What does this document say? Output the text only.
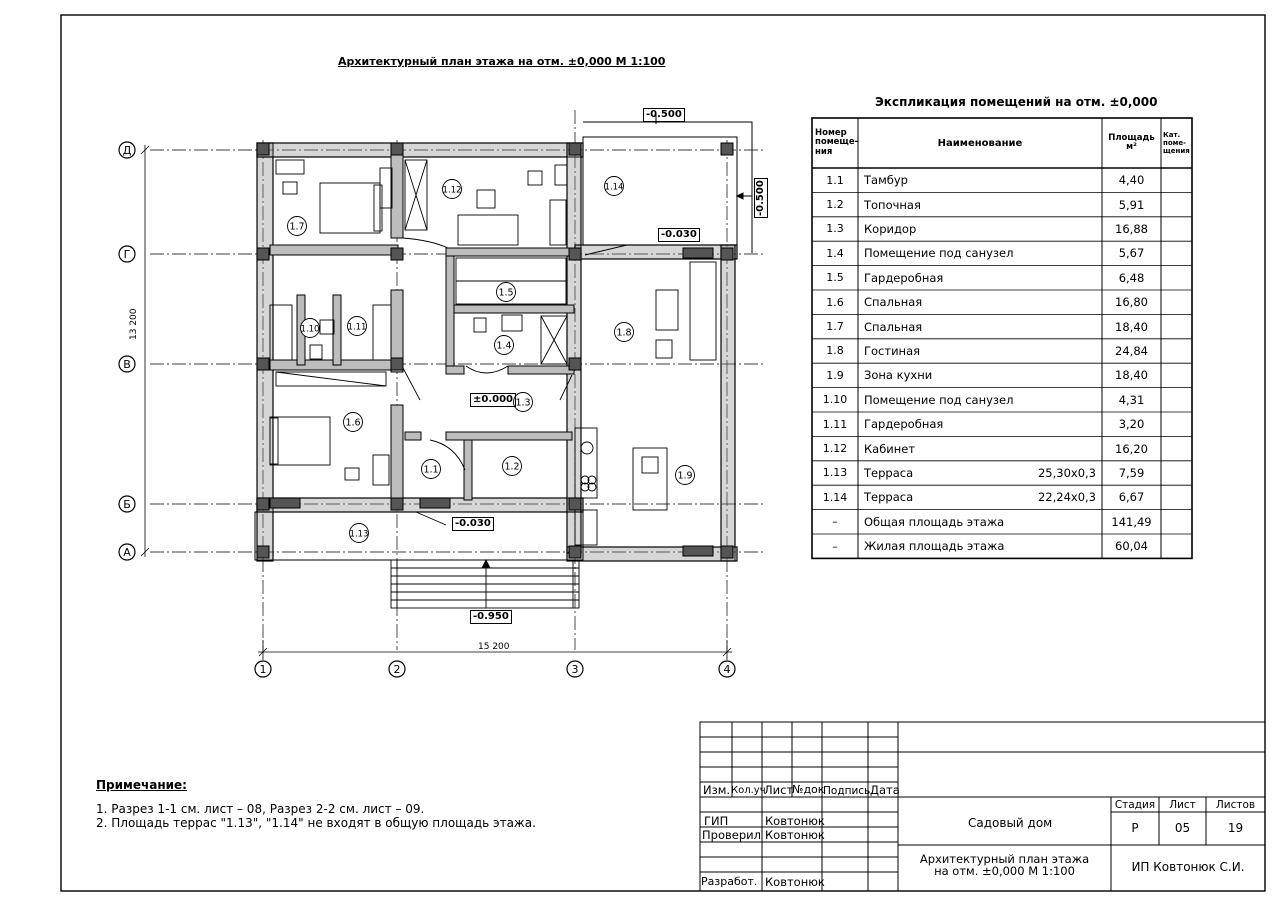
Архитектурный план этажа на отм. ±0,000 М 1:100
Д
Г
В
Б
А
1	2	3	4
1.1	1.2
1.3
1.4
1.5
1.6
1.7
1.8
1.9
1.10	1.11
1.12
1.13
1.14
-0.500
-0.500
-0.030
±0.000
-0.030
-0.950
13 200
15 200
Экспликация помещений на отм. ±0,000
Номер
помеще-
ния
Наименование	Площадь
м²
Кат.
поме-
щения
1.1	Тамбур	4,40
1.2	Топочная	5,91
1.3	Коридор	16,88
1.4	Помещение под санузел	5,67
1.5	Гардеробная	6,48
1.6	Спальная	16,80
1.7	Спальная	18,40
1.8	Гостиная	24,84
1.9	Зона кухни	18,40
1.10	Помещение под санузел	4,31
1.11	Гардеробная	3,20
1.12	Кабинет	16,20
1.13	Терраса	25,30x0,3	7,59
1.14	Терраса	22,24x0,3	6,67
–	Общая площадь этажа	141,49
–	Жилая площадь этажа	60,04
Примечание:
1. Разрез 1-1 см. лист – 08, Разрез 2-2 см. лист – 09.
2. Площадь террас "1.13", "1.14" не входят в общую площадь этажа.
Изм. Кол.уч
Лист
№док
Подпись Дата
ГИП	Ковтонюк
Проверил Ковтонюк
Разрабoт. Ковтонюк
Садовый дом
Архитектурный план этажа
на отм. ±0,000 М 1:100
Стадия	Лист	Листов
Р	05	19
ИП Ковтонюк С.И.
